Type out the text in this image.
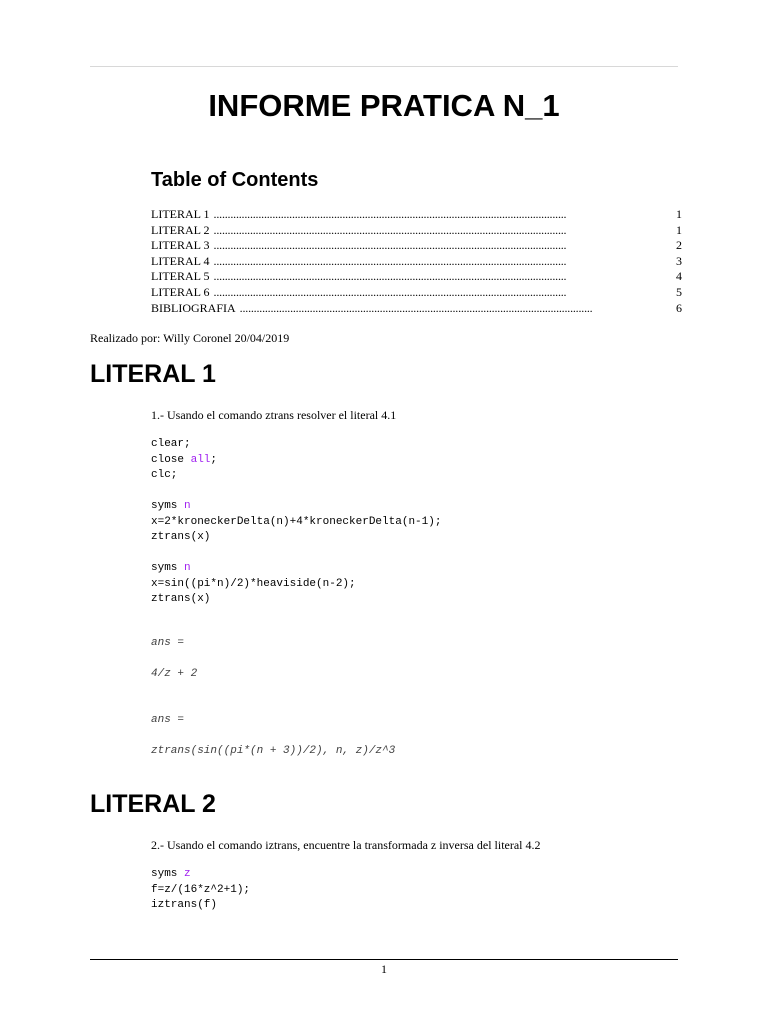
INFORME PRATICA N_1
Table of Contents
LITERAL 1 . . .	1
LITERAL 2 . . .	1
LITERAL 3 . . .	2
LITERAL 4 . . .	3
LITERAL 5 . . .	4
LITERAL 6 . . .	5
BIBLIOGRAFIA . . .	6
Realizado por: Willy Coronel 20/04/2019
LITERAL 1
1.- Usando el comando ztrans resolver el literal 4.1
clear;
close all;
clc;
syms n
x=2*kroneckerDelta(n)+4*kroneckerDelta(n-1);
ztrans(x)
syms n
x=sin((pi*n)/2)*heaviside(n-2);
ztrans(x)
ans =
4/z + 2
ans =
ztrans(sin((pi*(n + 3))/2), n, z)/z^3
LITERAL 2
2.- Usando el comando iztrans, encuentre la transformada z inversa del literal 4.2
syms z
f=z/(16*z^2+1);
iztrans(f)
1
